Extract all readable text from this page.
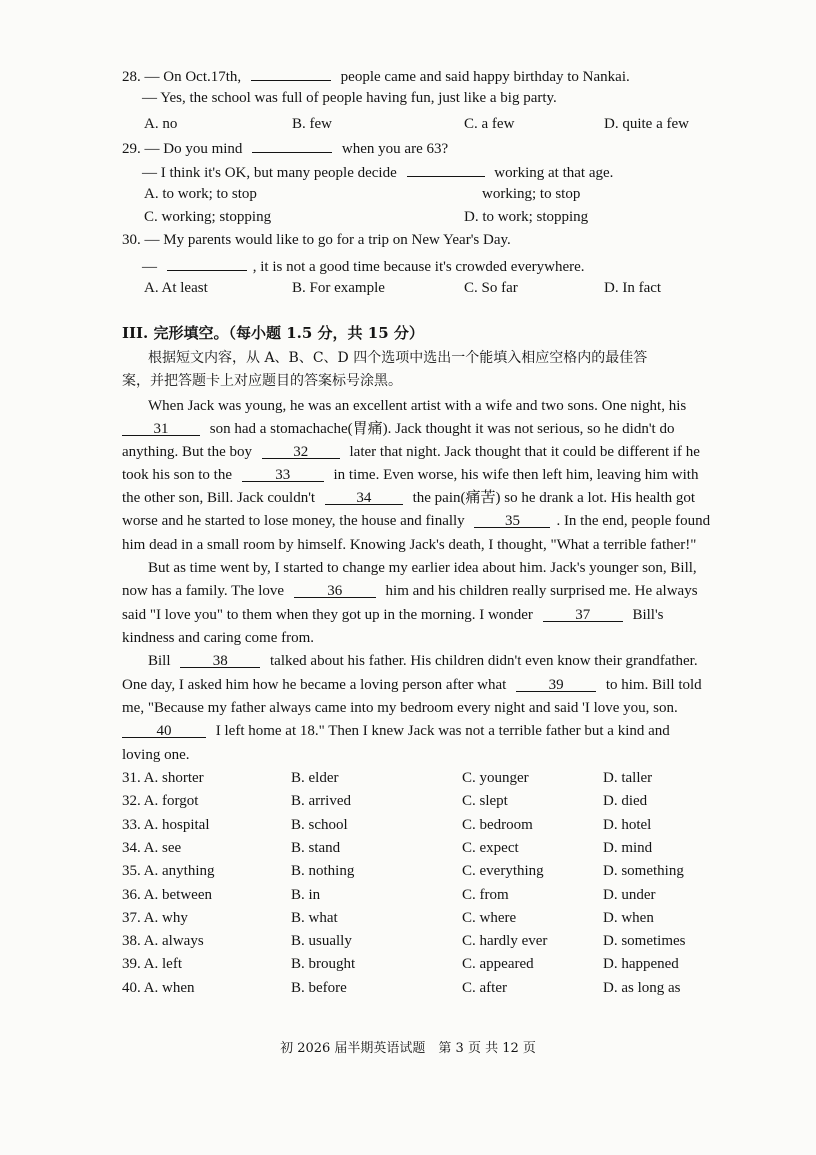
28. — On Oct.17th,	people came and said happy birthday to Nankai.
— Yes, the school was full of people having fun, just like a big party.
A. no	B. few	C. a few	D. quite a few
29. — Do you mind	when you are 63?
— I think it's OK, but many people decide	working at that age.
A. to work; to stop	working; to stop
C. working; stopping	D. to work; stopping
30. — My parents would like to go for a trip on New Year's Day.
—	, it is not a good time because it's crowded everywhere.
A. At least	B. For example	C. So far	D. In fact
III. 完形填空。（每小题 1.5 分，共 15 分）
根据短文内容，从 A、B、C、D 四个选项中选出一个能填入相应空格内的最佳答
案，并把答题卡上对应题目的答案标号涂黑。
When Jack was young, he was an excellent artist with a wife and two sons. One night, his
31	son had a stomachache(胃痛). Jack thought it was not serious, so he didn't do
anything. But the boy	32	later that night. Jack thought that it could be different if he
took his son to the	33	in time. Even worse, his wife then left him, leaving him with
the other son, Bill. Jack couldn't	34	the pain(痛苦) so he drank a lot. His health got
worse and he started to lose money, the house and finally	35 . In the end, people found
him dead in a small room by himself. Knowing Jack's death, I thought, "What a terrible father!"
But as time went by, I started to change my earlier idea about him. Jack's younger son, Bill,
now has a family. The love	36	him and his children really surprised me. He always
said "I love you" to them when they got up in the morning. I wonder	37	Bill's
kindness and caring come from.
Bill	38	talked about his father. His children didn't even know their grandfather.
One day, I asked him how he became a loving person after what	39	to him. Bill told
me, "Because my father always came into my bedroom every night and said 'I love you, son.
40	I left home at 18." Then I knew Jack was not a terrible father but a kind and
loving one.
31. A. shorter	B. elder	C. younger	D. taller
32. A. forgot	B. arrived	C. slept	D. died
33. A. hospital	B. school	C. bedroom	D. hotel
34. A. see	B. stand	C. expect	D. mind
35. A. anything	B. nothing	C. everything	D. something
36. A. between	B. in	C. from	D. under
37. A. why	B. what	C. where	D. when
38. A. always	B. usually	C. hardly ever	D. sometimes
39. A. left	B. brought	C. appeared	D. happened
40. A. when	B. before	C. after	D. as long as
初 2026 届半期英语试题　第 3 页 共 12 页
